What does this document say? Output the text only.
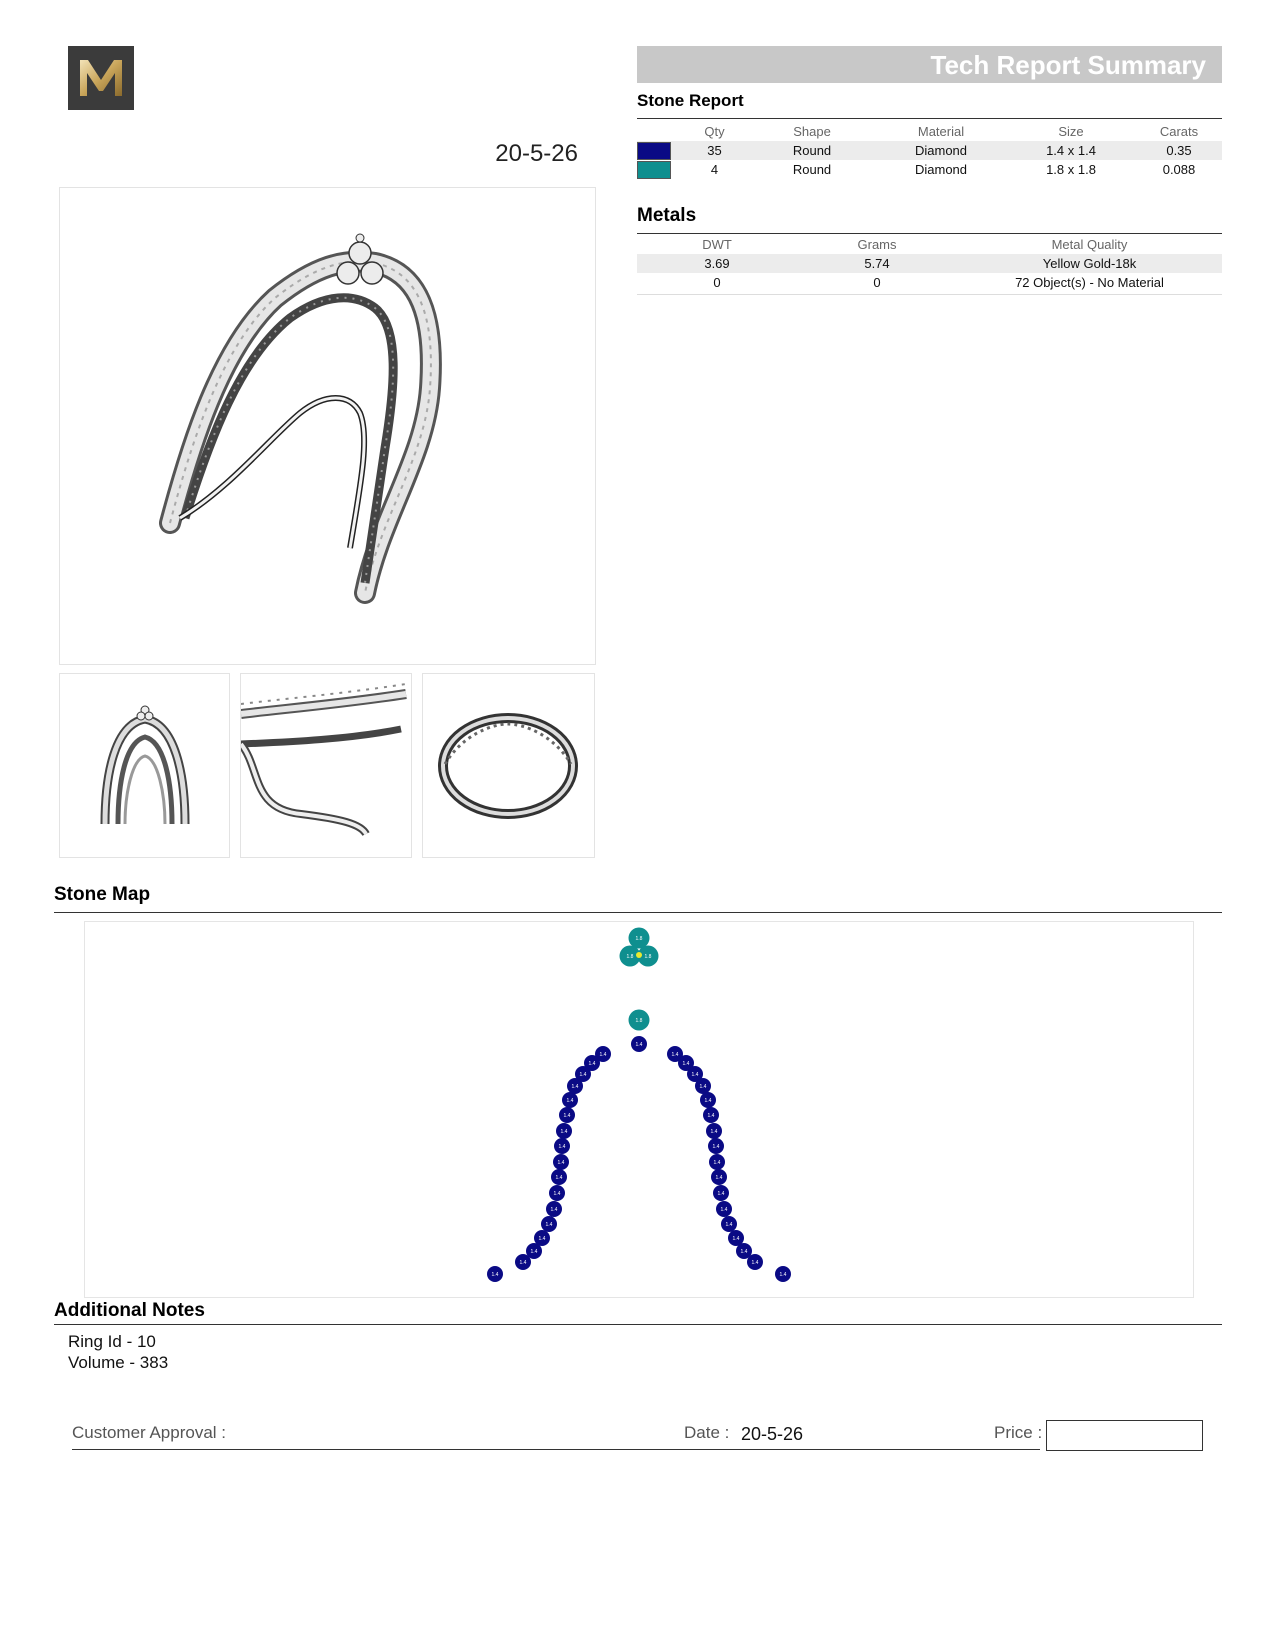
20-5-26
Tech Report Summary
Stone Report
	Qty	Shape	Material	Size	Carats
	35	Round	Diamond	1.4 x 1.4	0.35
	4	Round	Diamond	1.8 x 1.8	0.088
Metals
DWT	Grams	Metal Quality
3.69	5.74	Yellow Gold-18k
0	0	72 Object(s) - No Material
Stone Map
1.8
1.8 1.8
1.8
1.4
1.4
1.4
1.4
1.4
1.4
1.4
1.4
1.4
1.4
1.4
1.4
1.4
1.4
1.4
1.4
1.4
1.4
1.4
1.4
1.4
1.4
1.4
1.4
1.4
1.4
1.4
1.4
1.4
1.4
1.4
1.4
1.4
1.4
1.4
Additional Notes
Ring Id - 10
Volume - 383
Customer Approval :	Date : 20-5-26	Price :
